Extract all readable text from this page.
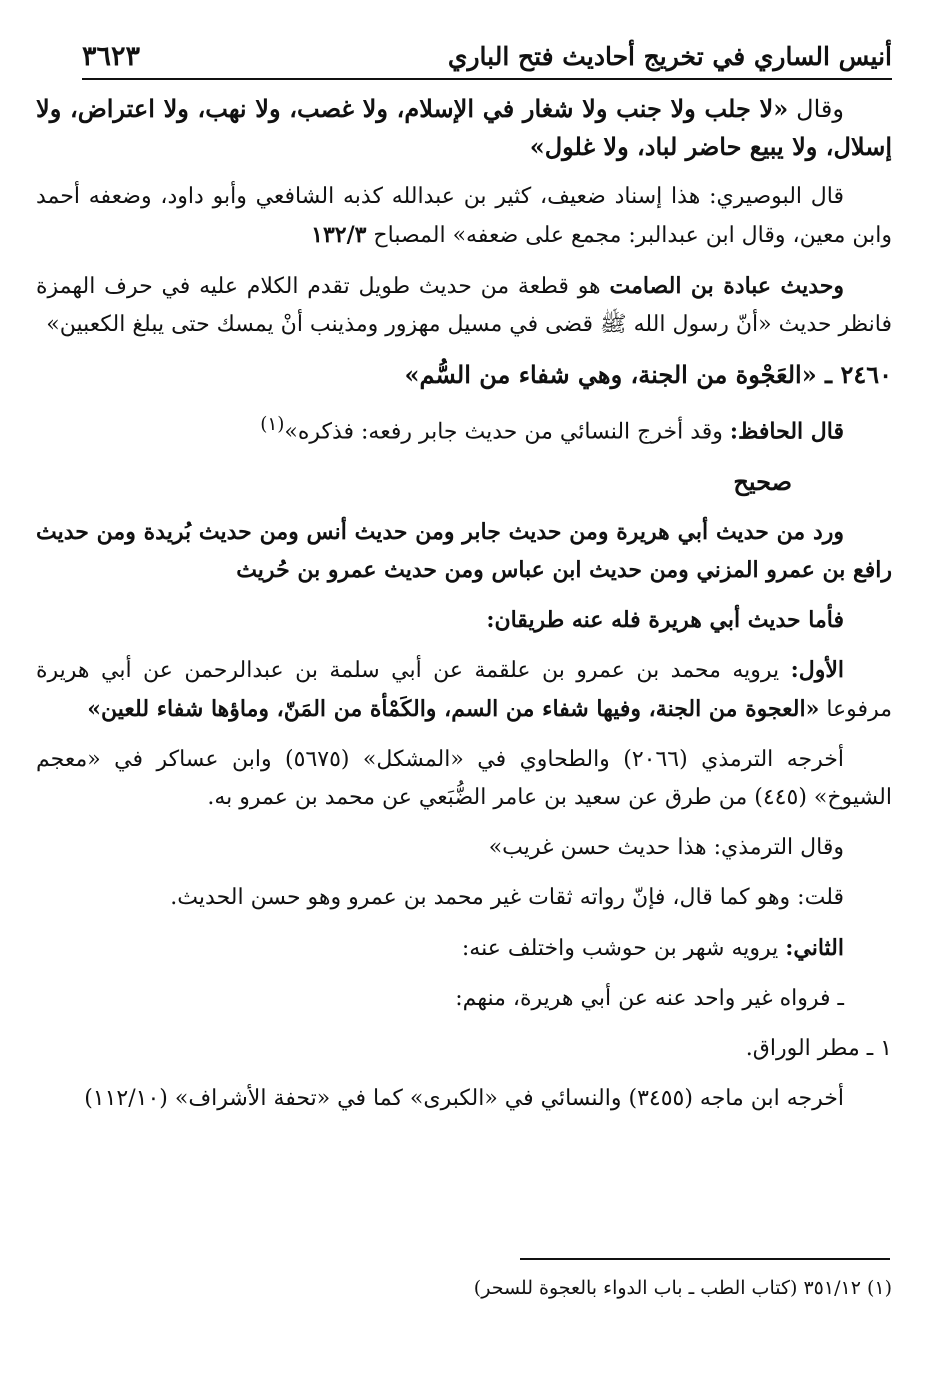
أنيس الساري في تخريج أحاديث فتح الباري
٣٦٢٣

وقال «لا جلب ولا جنب ولا شغار في الإسلام، ولا غصب، ولا نهب، ولا اعتراض، ولا إسلال، ولا يبيع حاضر لباد، ولا غلول»

قال البوصيري: هذا إسناد ضعيف، كثير بن عبدالله كذبه الشافعي وأبو داود، وضعفه أحمد وابن معين، وقال ابن عبدالبر: مجمع على ضعفه» المصباح ١٣٢/٣

وحديث عبادة بن الصامت هو قطعة من حديث طويل تقدم الكلام عليه في حرف الهمزة فانظر حديث «أنّ رسول الله ﷺ قضى في مسيل مهزور ومذينب أنْ يمسك حتى يبلغ الكعبين»

٢٤٦٠ ـ «العَجْوة من الجنة، وهي شفاء من السُّم»

قال الحافظ: وقد أخرج النسائي من حديث جابر رفعه: فذكره»$^{(١)}$

صحيح

ورد من حديث أبي هريرة ومن حديث جابر ومن حديث أنس ومن حديث بُريدة ومن حديث رافع بن عمرو المزني ومن حديث ابن عباس ومن حديث عمرو بن حُريث

فأما حديث أبي هريرة فله عنه طريقان:

الأول: يرويه محمد بن عمرو بن علقمة عن أبي سلمة بن عبدالرحمن عن أبي هريرة مرفوعا «العجوة من الجنة، وفيها شفاء من السم، والكَمْأة من المَنّ، وماؤها شفاء للعين»

أخرجه الترمذي (٢٠٦٦) والطحاوي في «المشكل» (٥٦٧٥) وابن عساكر في «معجم الشيوخ» (٤٤٥) من طرق عن سعيد بن عامر الضُّبَعي عن محمد بن عمرو به.

وقال الترمذي: هذا حديث حسن غريب»

قلت: وهو كما قال، فإنّ رواته ثقات غير محمد بن عمرو وهو حسن الحديث.

الثاني: يرويه شهر بن حوشب واختلف عنه:

ـ فرواه غير واحد عنه عن أبي هريرة، منهم:

١ ـ مطر الوراق.

أخرجه ابن ماجه (٣٤٥٥) والنسائي في «الكبرى» كما في «تحفة الأشراف» (١١٢/١٠)

(١) ٣٥١/١٢ (كتاب الطب ـ باب الدواء بالعجوة للسحر)
